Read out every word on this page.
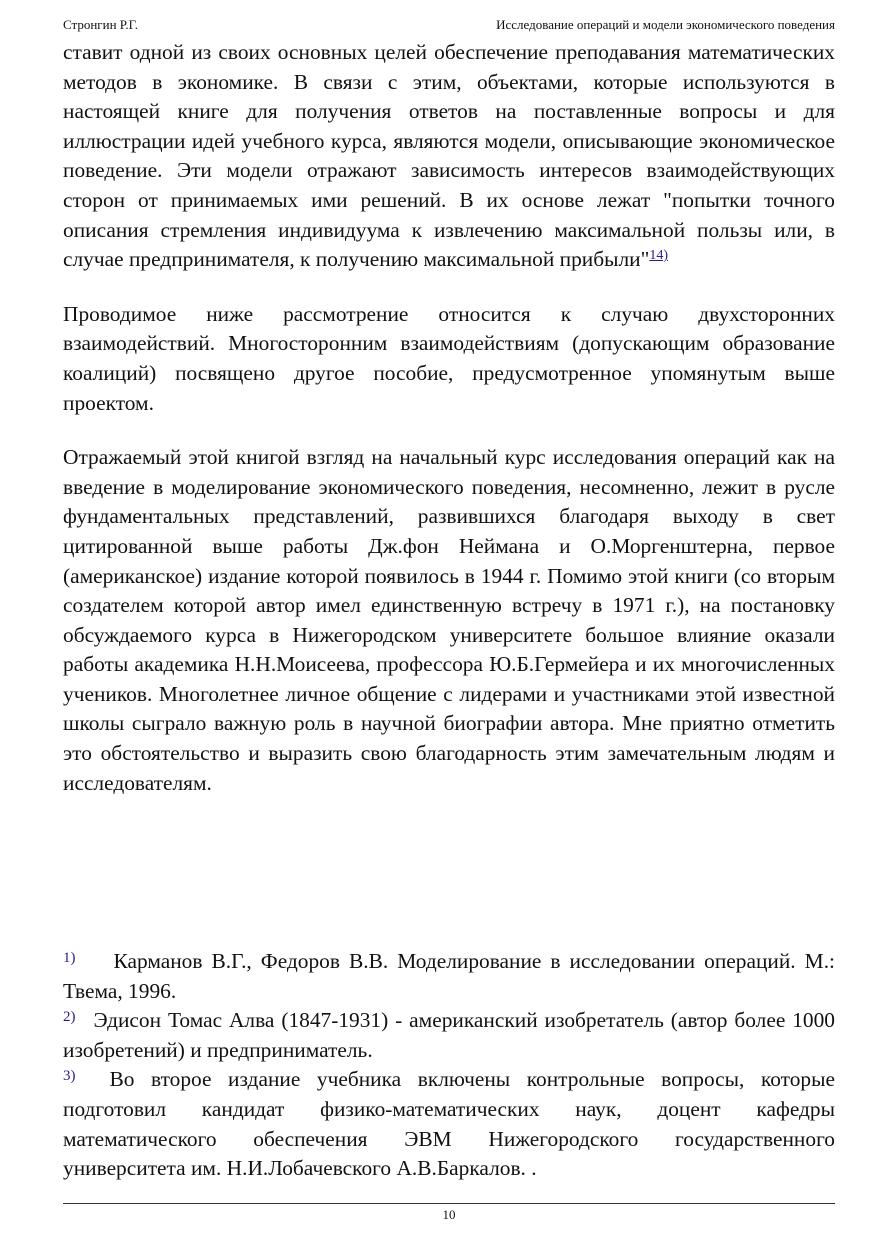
Стронгин Р.Г.	Исследование операций и модели экономического поведения

ставит одной из своих основных целей обеспечение преподавания математических методов в экономике. В связи с этим, объектами, которые используются в настоящей книге для получения ответов на поставленные вопросы и для иллюстрации идей учебного курса, являются модели, описывающие экономическое поведение. Эти модели отражают зависимость интересов взаимодействующих сторон от принимаемых ими решений. В их основе лежат "попытки точного описания стремления индивидуума к извлечению максимальной пользы или, в случае предпринимателя, к получению максимальной прибыли"$^{14)}$

Проводимое ниже рассмотрение относится к случаю двухсторонних взаимодействий. Многосторонним взаимодействиям (допускающим образование коалиций) посвящено другое пособие, предусмотренное упомянутым выше проектом.

Отражаемый этой книгой взгляд на начальный курс исследования операций как на введение в моделирование экономического поведения, несомненно, лежит в русле фундаментальных представлений, развившихся благодаря выходу в свет цитированной выше работы Дж.фон Неймана и О.Моргенштерна, первое (американское) издание которой появилось в 1944 г. Помимо этой книги (со вторым создателем которой автор имел единственную встречу в 1971 г.), на постановку обсуждаемого курса в Нижегородском университете большое влияние оказали работы академика Н.Н.Моисеева, профессора Ю.Б.Гермейера и их многочисленных учеников. Многолетнее личное общение с лидерами и участниками этой известной школы сыграло важную роль в научной биографии автора. Мне приятно отметить это обстоятельство и выразить свою благодарность этим замечательным людям и исследователям.

1) Карманов В.Г., Федоров В.В. Моделирование в исследовании операций. М.: Твема, 1996.

2) Эдисон Томас Алва (1847-1931) - американский изобретатель (автор более 1000 изобретений) и предприниматель.

3) Во второе издание учебника включены контрольные вопросы, которые подготовил кандидат физико-математических наук, доцент кафедры математического обеспечения ЭВМ Нижегородского государственного университета им. Н.И.Лобачевского А.В.Баркалов. .

10
